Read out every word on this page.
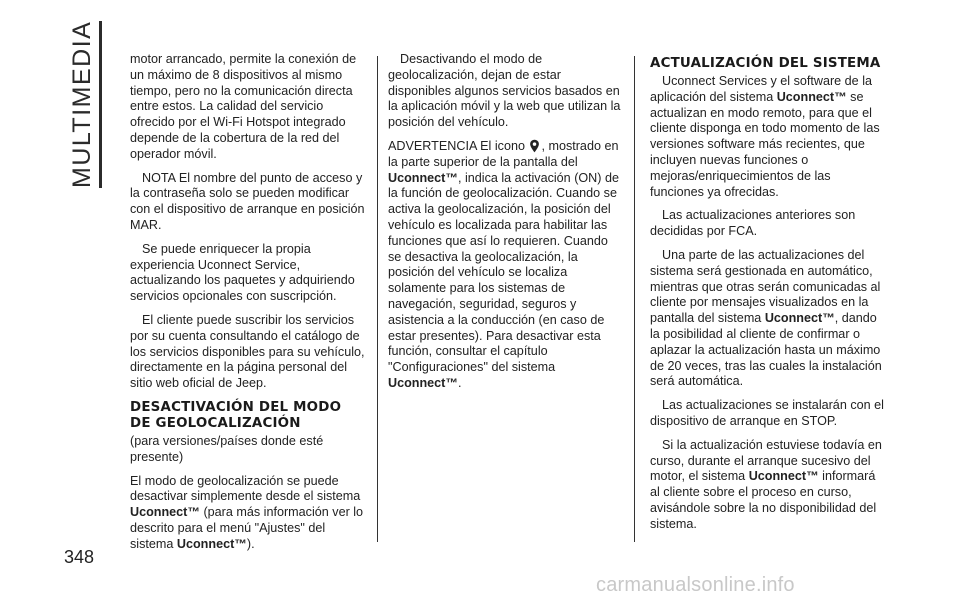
MULTIMEDIA	motor arrancado, permite la conexión de un máximo de 8 dispositivos al mismo tiempo, pero no la comunicación directa entre estos. La calidad del servicio ofrecido por el Wi-Fi Hotspot integrado depende de la cobertura de la red del operador móvil.

NOTA El nombre del punto de acceso y la contraseña solo se pueden modificar con el dispositivo de arranque en posición MAR.

Se puede enriquecer la propia experiencia Uconnect Service, actualizando los paquetes y adquiriendo servicios opcionales con suscripción.

El cliente puede suscribir los servicios por su cuenta consultando el catálogo de los servicios disponibles para su vehículo, directamente en la página personal del sitio web oficial de Jeep.

DESACTIVACIÓN DEL MODO DE GEOLOCALIZACIÓN

(para versiones/países donde esté presente)

El modo de geolocalización se puede desactivar simplemente desde el sistema Uconnect™ (para más información ver lo descrito para el menú "Ajustes" del sistema Uconnect™).

Desactivando el modo de geolocalización, dejan de estar disponibles algunos servicios basados en la aplicación móvil y la web que utilizan la posición del vehículo.

ADVERTENCIA El icono , mostrado en la parte superior de la pantalla del Uconnect™, indica la activación (ON) de la función de geolocalización. Cuando se activa la geolocalización, la posición del vehículo es localizada para habilitar las funciones que así lo requieren. Cuando se desactiva la geolocalización, la posición del vehículo se localiza solamente para los sistemas de navegación, seguridad, seguros y asistencia a la conducción (en caso de estar presentes). Para desactivar esta función, consultar el capítulo "Configuraciones" del sistema Uconnect™.

ACTUALIZACIÓN DEL SISTEMA

Uconnect Services y el software de la aplicación del sistema Uconnect™ se actualizan en modo remoto, para que el cliente disponga en todo momento de las versiones software más recientes, que incluyen nuevas funciones o mejoras/enriquecimientos de las funciones ya ofrecidas.

Las actualizaciones anteriores son decididas por FCA.

Una parte de las actualizaciones del sistema será gestionada en automático, mientras que otras serán comunicadas al cliente por mensajes visualizados en la pantalla del sistema Uconnect™, dando la posibilidad al cliente de confirmar o aplazar la actualización hasta un máximo de 20 veces, tras las cuales la instalación será automática.

Las actualizaciones se instalarán con el dispositivo de arranque en STOP.

Si la actualización estuviese todavía en curso, durante el arranque sucesivo del motor, el sistema Uconnect™ informará al cliente sobre el proceso en curso, avisándole sobre la no disponibilidad del sistema.

348
carmanualsonline.info
